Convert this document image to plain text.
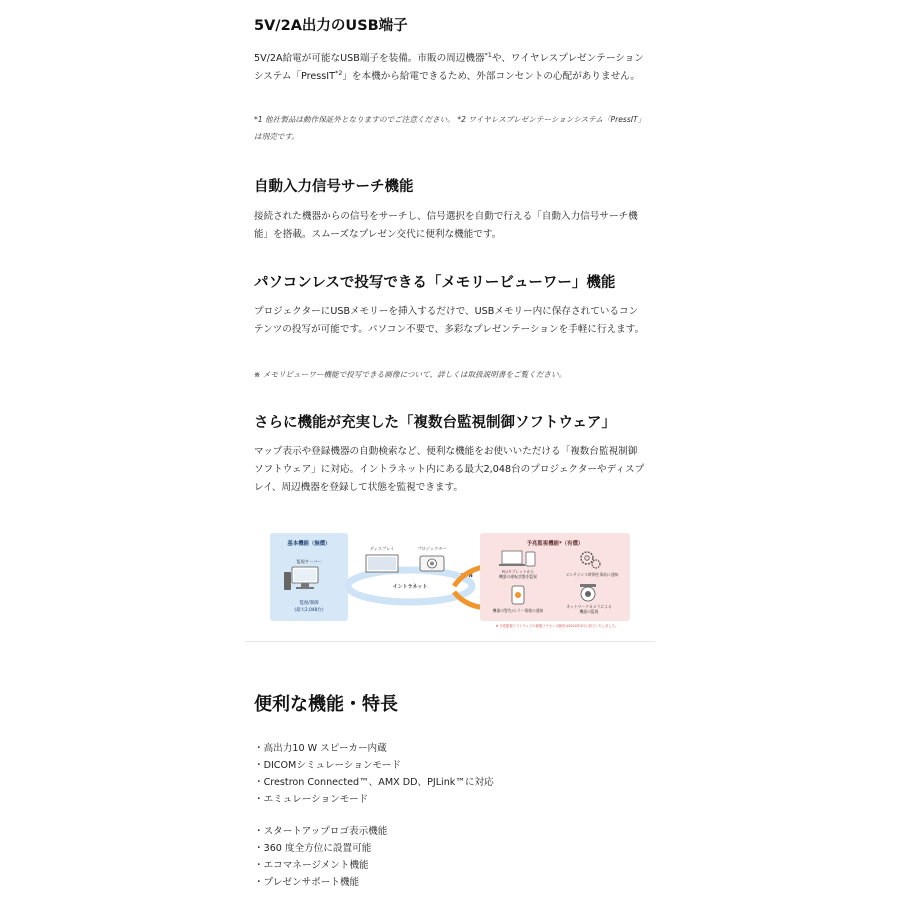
5V/2A出力のUSB端子

5V/2A給電が可能なUSB端子を装備。市販の周辺機器$^{*1}$や、ワイヤレスプレゼンテーションシステム「PressIT$^{*2}$」を本機から給電できるため、外部コンセントの心配がありません。

*1 他社製品は動作保証外となりますのでご注意ください。 *2 ワイヤレスプレゼンテーションシステム「PressIT」は別売です。

自動入力信号サーチ機能

接続された機器からの信号をサーチし、信号選択を自動で行える「自動入力信号サーチ機能」を搭載。スムーズなプレゼン交代に便利な機能です。

パソコンレスで投写できる「メモリービューワー」機能

プロジェクターにUSBメモリーを挿入するだけで、USBメモリー内に保存されているコンテンツの投写が可能です。パソコン不要で、多彩なプレゼンテーションを手軽に行えます。

※ メモリビューワー機能で投写できる画像について、詳しくは取扱説明書をご覧ください。

さらに機能が充実した「複数台監視制御ソフトウェア」

マップ表示や登録機器の自動検索など、便利な機能をお使いいただける「複数台監視制御ソフトウェア」に対応。イントラネット内にある最大2,048台のプロジェクターやディスプレイ、周辺機器を登録して状態を監視できます。

基本機能（無償）
監視サーバー
監視/制御
(最大2,048台)
イントラネット
ディスプレイ	プロジェクター
VPN
予兆監視機能*（有償）
PC/タブレットから
機器の運転状態を監視	メンテナンス時期を事前に通知
機器の警告/エラー情報の通知
ネットワークカメラによる
機器の監視
※ 予兆監視ソフトウェアの新規ライセンス販売は2024年3月に終了いたしました。
便利な機能・特長
・高出力10 W スピーカー内蔵
・DICOMシミュレーションモード
・Crestron Connected™、AMX DD、PJLink™に対応
・エミュレーションモード
・スタートアップロゴ表示機能
・360 度全方位に設置可能
・エコマネージメント機能
・プレゼンサポート機能
